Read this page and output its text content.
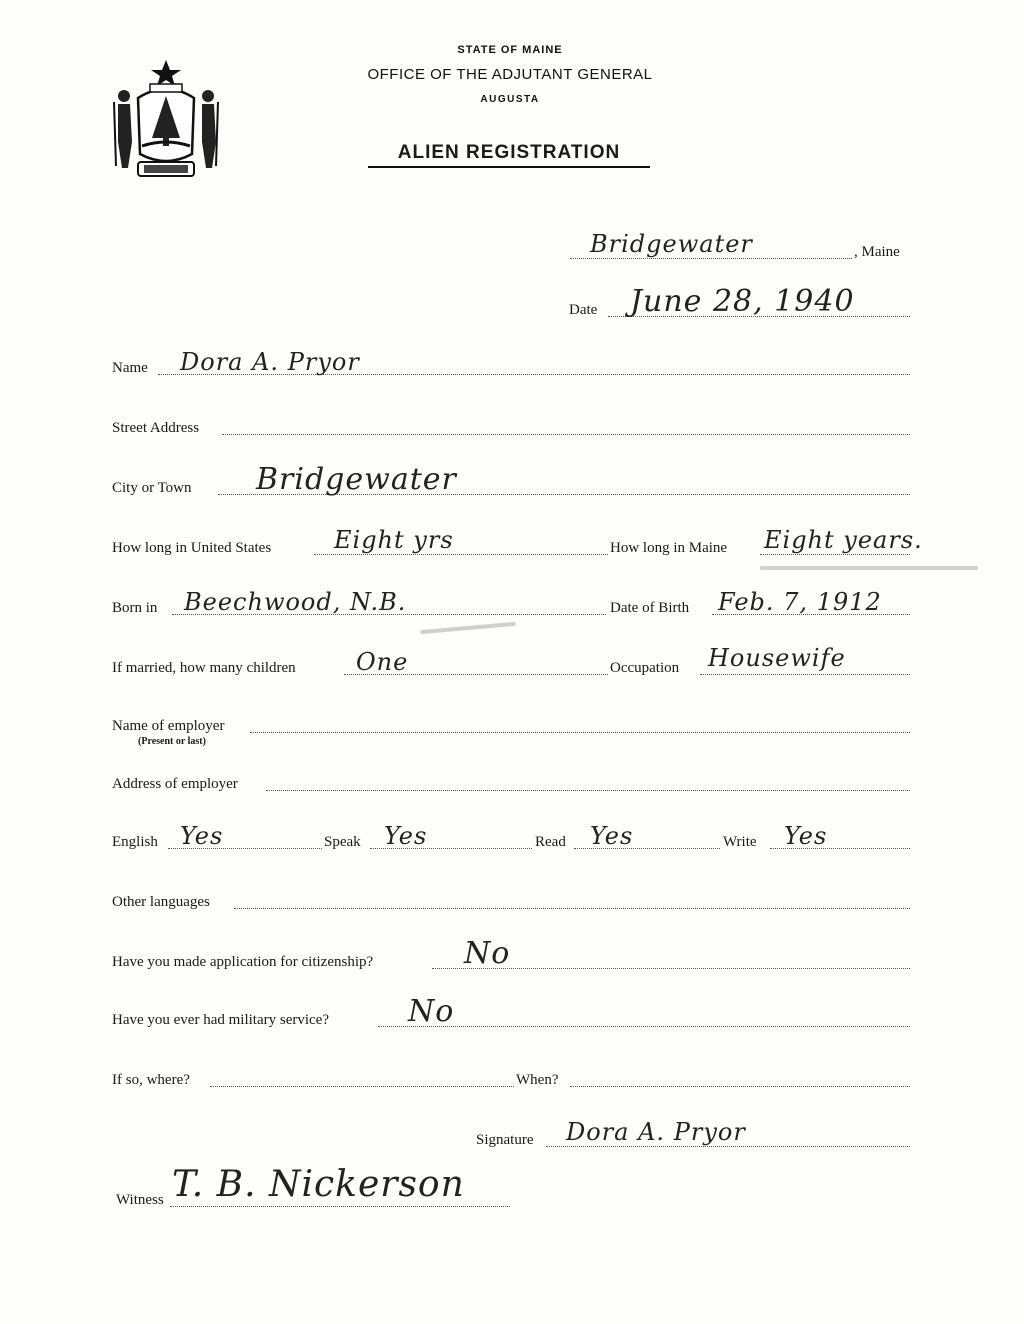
STATE OF MAINE
OFFICE OF THE ADJUTANT GENERAL
AUGUSTA
ALIEN REGISTRATION
Bridgewater	, Maine
Date June 28, 1940
Name Dora A. Pryor
Street Address
City or Town Bridgewater
How long in United States	Eight yrs	How long in Maine Eight years.
Born in Beechwood, N.B.	Date of Birth Feb. 7, 1912
If married, how many children	One	Occupation Housewife
Name of employer
(Present or last)
Address of employer
English Yes	Speak Yes	Read Yes	Write Yes
Other languages
Have you made application for citizenship?	No
Have you ever had military service?	No
If so, where?	When?
Signature Dora A. Pryor
Witness T. B. Nickerson
